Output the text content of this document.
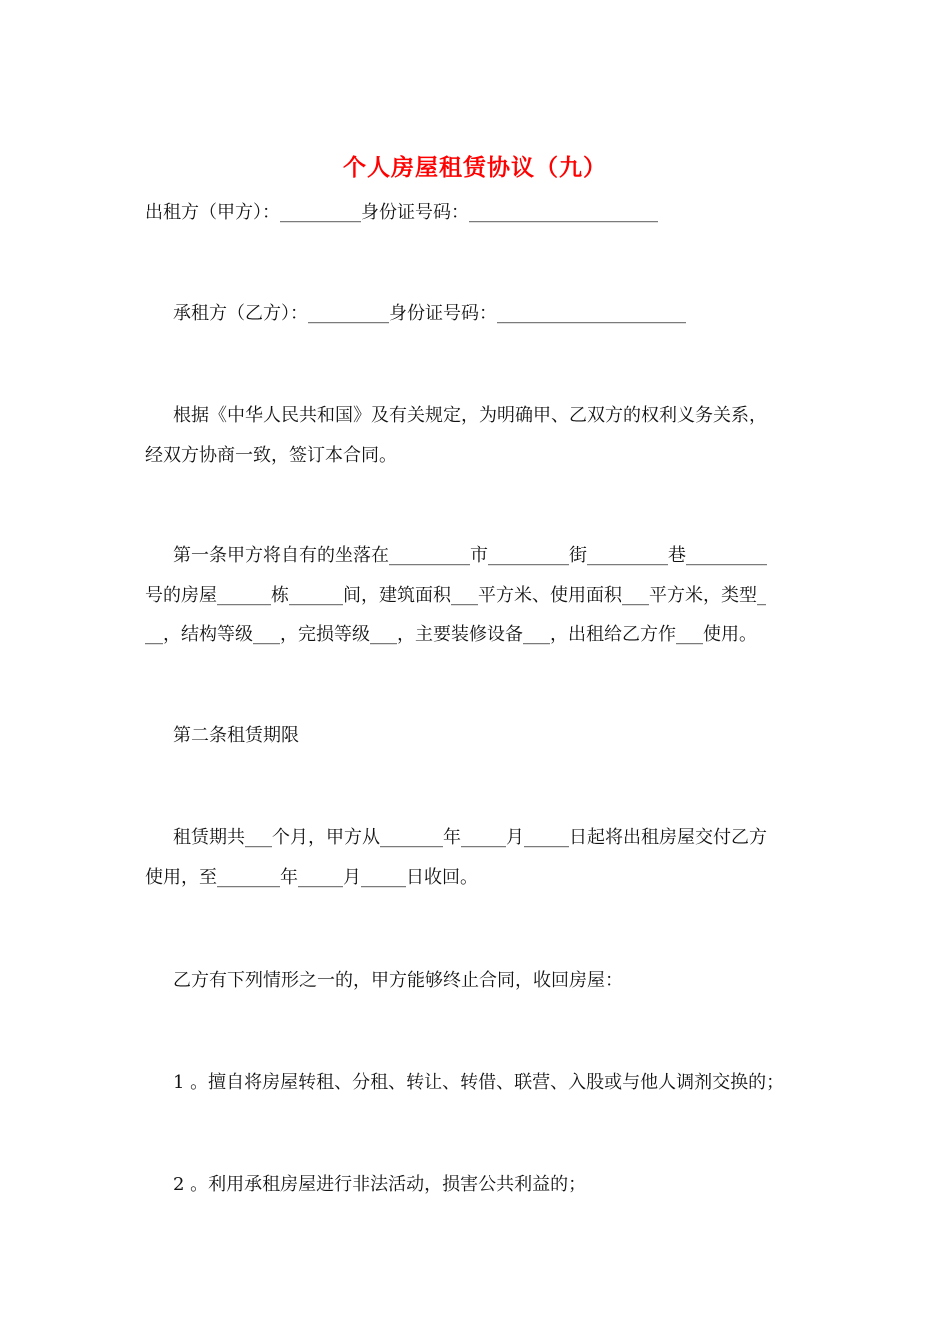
个人房屋租赁协议（九）
出租方（甲方）：_________身份证号码：_____________________
承租方（乙方）：_________身份证号码：_____________________
根据《中华人民共和国》及有关规定，为明确甲、乙双方的权利义务关系，
经双方协商一致，签订本合同。
第一条甲方将自有的坐落在_________市_________街_________巷_________
号的房屋______栋______间，建筑面积___平方米、使用面积___平方米，类型_
__，结构等级___，完损等级___，主要装修设备___，出租给乙方作___使用。
第二条租赁期限
租赁期共___个月，甲方从_______年_____月_____日起将出租房屋交付乙方
使用，至_______年_____月_____日收回。
乙方有下列情形之一的，甲方能够终止合同，收回房屋：
1 。擅自将房屋转租、分租、转让、转借、联营、入股或与他人调剂交换的；
2 。利用承租房屋进行非法活动，损害公共利益的；
